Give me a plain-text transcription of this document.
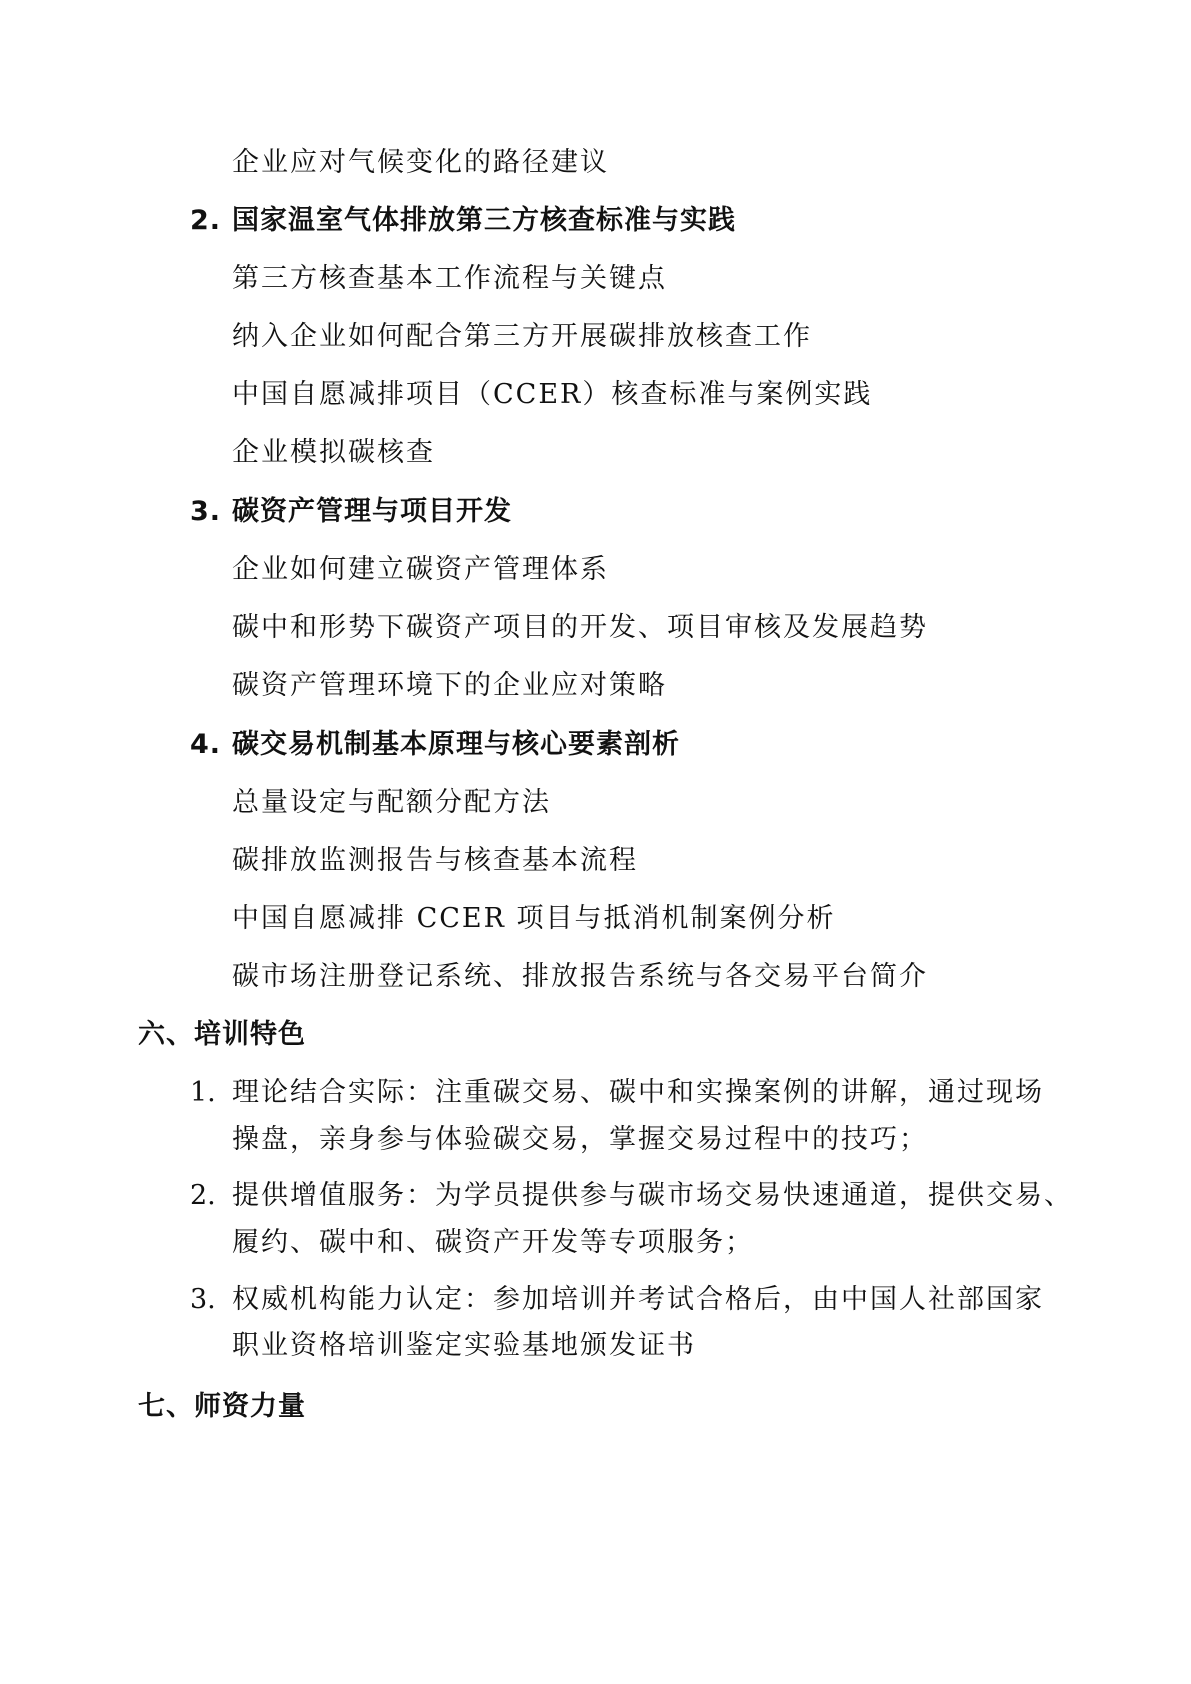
企业应对气候变化的路径建议
2. 国家温室气体排放第三方核查标准与实践
第三方核查基本工作流程与关键点
纳入企业如何配合第三方开展碳排放核查工作
中国自愿减排项目（CCER）核查标准与案例实践
企业模拟碳核查
3. 碳资产管理与项目开发
企业如何建立碳资产管理体系
碳中和形势下碳资产项目的开发、项目审核及发展趋势
碳资产管理环境下的企业应对策略
4. 碳交易机制基本原理与核心要素剖析
总量设定与配额分配方法
碳排放监测报告与核查基本流程
中国自愿减排 CCER 项目与抵消机制案例分析
碳市场注册登记系统、排放报告系统与各交易平台简介
六、培训特色
1. 理论结合实际：注重碳交易、碳中和实操案例的讲解，通过现场
操盘，亲身参与体验碳交易，掌握交易过程中的技巧；
2. 提供增值服务：为学员提供参与碳市场交易快速通道，提供交易、
履约、碳中和、碳资产开发等专项服务；
3. 权威机构能力认定：参加培训并考试合格后，由中国人社部国家
职业资格培训鉴定实验基地颁发证书
七、师资力量
